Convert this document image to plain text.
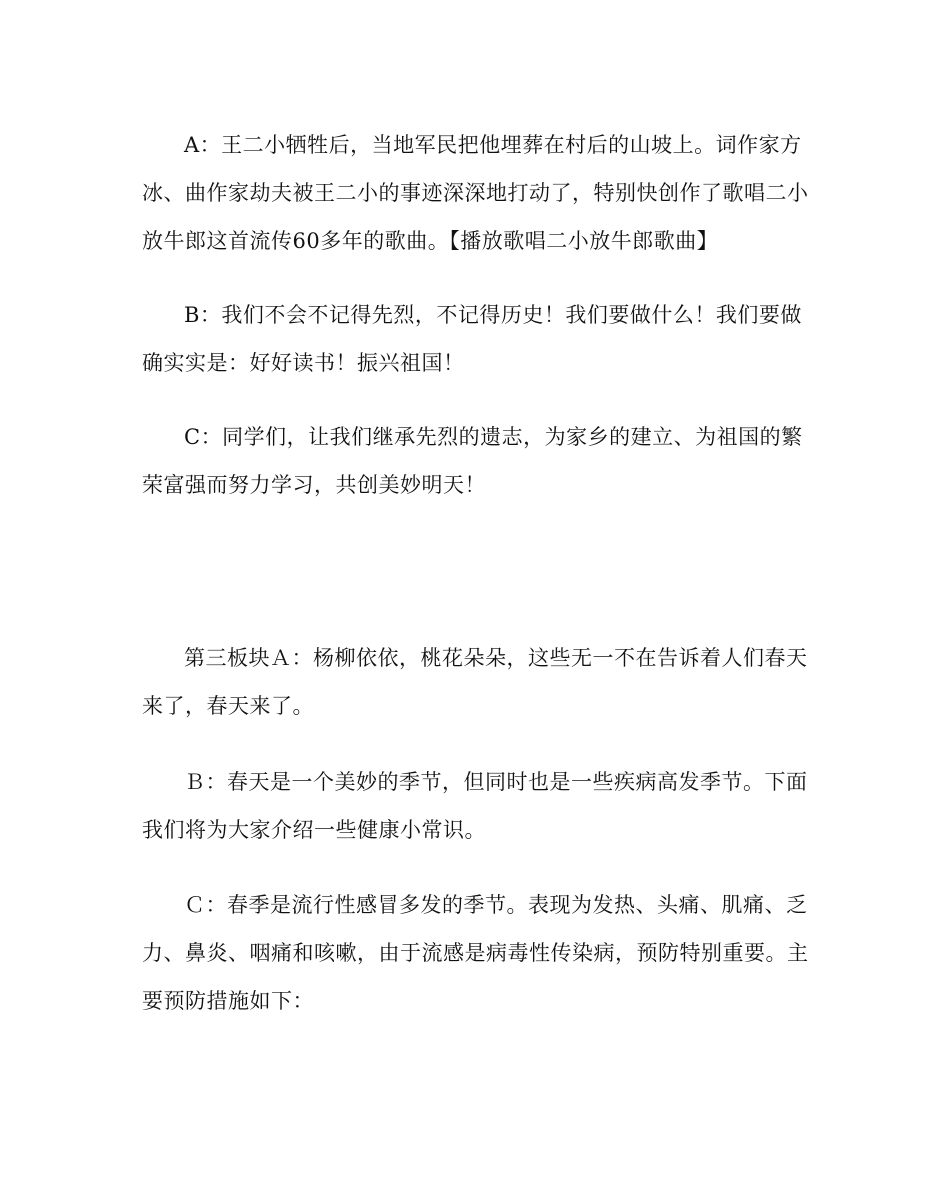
A：王二小牺牲后，当地军民把他埋葬在村后的山坡上。词作家方冰、曲作家劫夫被王二小的事迹深深地打动了，特别快创作了歌唱二小放牛郎这首流传60多年的歌曲。【播放歌唱二小放牛郎歌曲】

B：我们不会不记得先烈，不记得历史！我们要做什么！我们要做确实实是：好好读书！振兴祖国！

C：同学们，让我们继承先烈的遗志，为家乡的建立、为祖国的繁荣富强而努力学习，共创美妙明天！

第三板块Ａ：杨柳依依，桃花朵朵，这些无一不在告诉着人们春天来了，春天来了。

Ｂ：春天是一个美妙的季节，但同时也是一些疾病高发季节。下面我们将为大家介绍一些健康小常识。

Ｃ：春季是流行性感冒多发的季节。表现为发热、头痛、肌痛、乏力、鼻炎、咽痛和咳嗽，由于流感是病毒性传染病，预防特别重要。主要预防措施如下：
